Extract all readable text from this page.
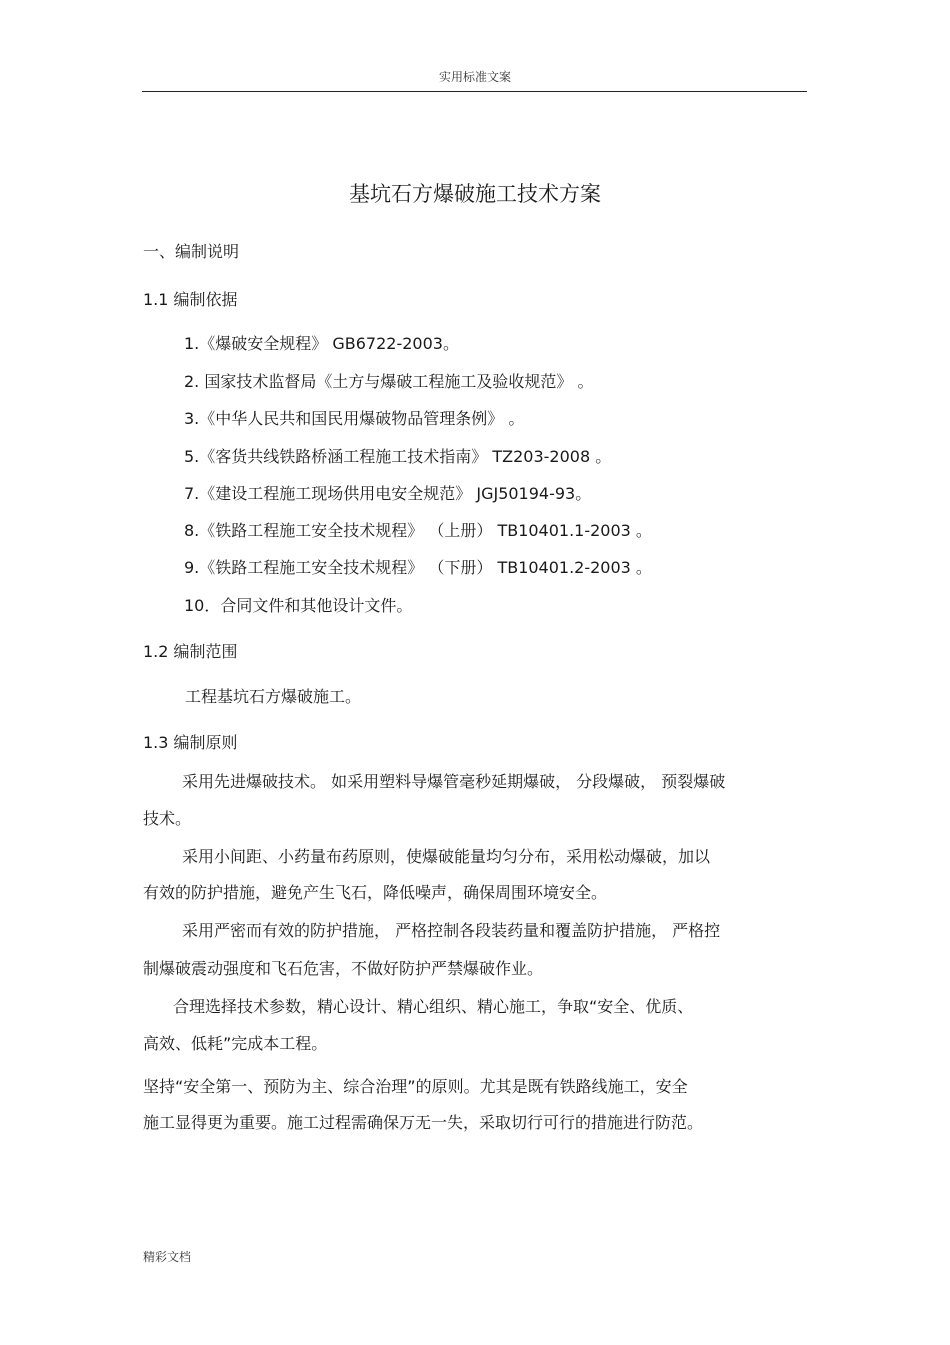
实用标准文案
基坑石方爆破施工技术方案
一、编制说明
1.1 编制依据
1.《爆破安全规程》 GB6722-2003。
2. 国家技术监督局《土方与爆破工程施工及验收规范》 。
3.《中华人民共和国民用爆破物品管理条例》 。
5.《客货共线铁路桥涵工程施工技术指南》 TZ203-2008 。
7.《建设工程施工现场供用电安全规范》 JGJ50194-93。
8.《铁路工程施工安全技术规程》 （上册） TB10401.1-2003 。
9.《铁路工程施工安全技术规程》 （下册） TB10401.2-2003 。
10．合同文件和其他设计文件。
1.2 编制范围
工程基坑石方爆破施工。
1.3 编制原则
采用先进爆破技术。 如采用塑料导爆管毫秒延期爆破， 分段爆破， 预裂爆破
技术。
采用小间距、小药量布药原则，使爆破能量均匀分布，采用松动爆破，加以
有效的防护措施，避免产生飞石，降低噪声，确保周围环境安全。
采用严密而有效的防护措施， 严格控制各段装药量和覆盖防护措施， 严格控
制爆破震动强度和飞石危害，不做好防护严禁爆破作业。
合理选择技术参数，精心设计、精心组织、精心施工，争取“安全、优质、
高效、低耗”完成本工程。
坚持“安全第一、预防为主、综合治理”的原则。尤其是既有铁路线施工，安全
施工显得更为重要。施工过程需确保万无一失，采取切行可行的措施进行防范。
精彩文档
